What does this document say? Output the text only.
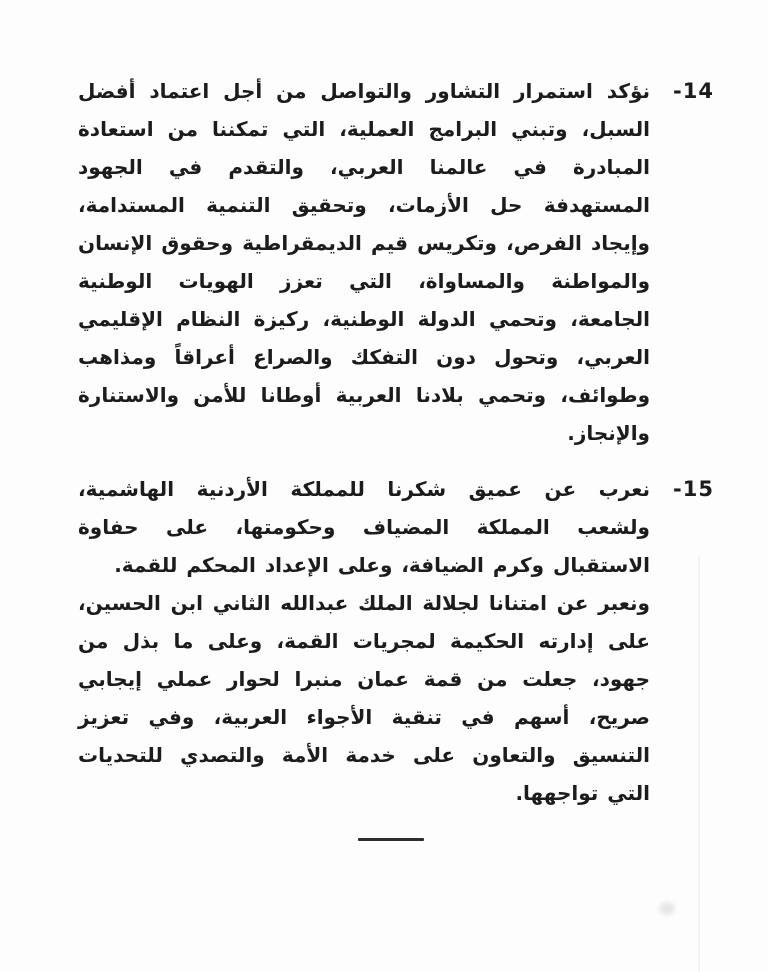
14-

نؤكد استمرار التشاور والتواصل من أجل اعتماد أفضل السبل، وتبني البرامج العملية، التي تمكننا من استعادة المبادرة في عالمنا العربي، والتقدم في الجهود المستهدفة حل الأزمات، وتحقيق التنمية المستدامة، وإيجاد الفرص، وتكريس قيم الديمقراطية وحقوق الإنسان والمواطنة والمساواة، التي تعزز الهويات الوطنية الجامعة، وتحمي الدولة الوطنية، ركيزة النظام الإقليمي العربي، وتحول دون التفكك والصراع أعراقاً ومذاهب وطوائف، وتحمي بلادنا العربية أوطانا للأمن والاستنارة والإنجاز.

15-

نعرب عن عميق شكرنا للمملكة الأردنية الهاشمية، ولشعب المملكة المضياف وحكومتها، على حفاوة الاستقبال وكرم الضيافة، وعلى الإعداد المحكم للقمة.

ونعبر عن امتنانا لجلالة الملك عبدالله الثاني ابن الحسين، على إدارته الحكيمة لمجريات القمة، وعلى ما بذل من جهود، جعلت من قمة عمان منبرا لحوار عملي إيجابي صريح، أسهم في تنقية الأجواء العربية، وفي تعزيز التنسيق والتعاون على خدمة الأمة والتصدي للتحديات التي تواجهها.
